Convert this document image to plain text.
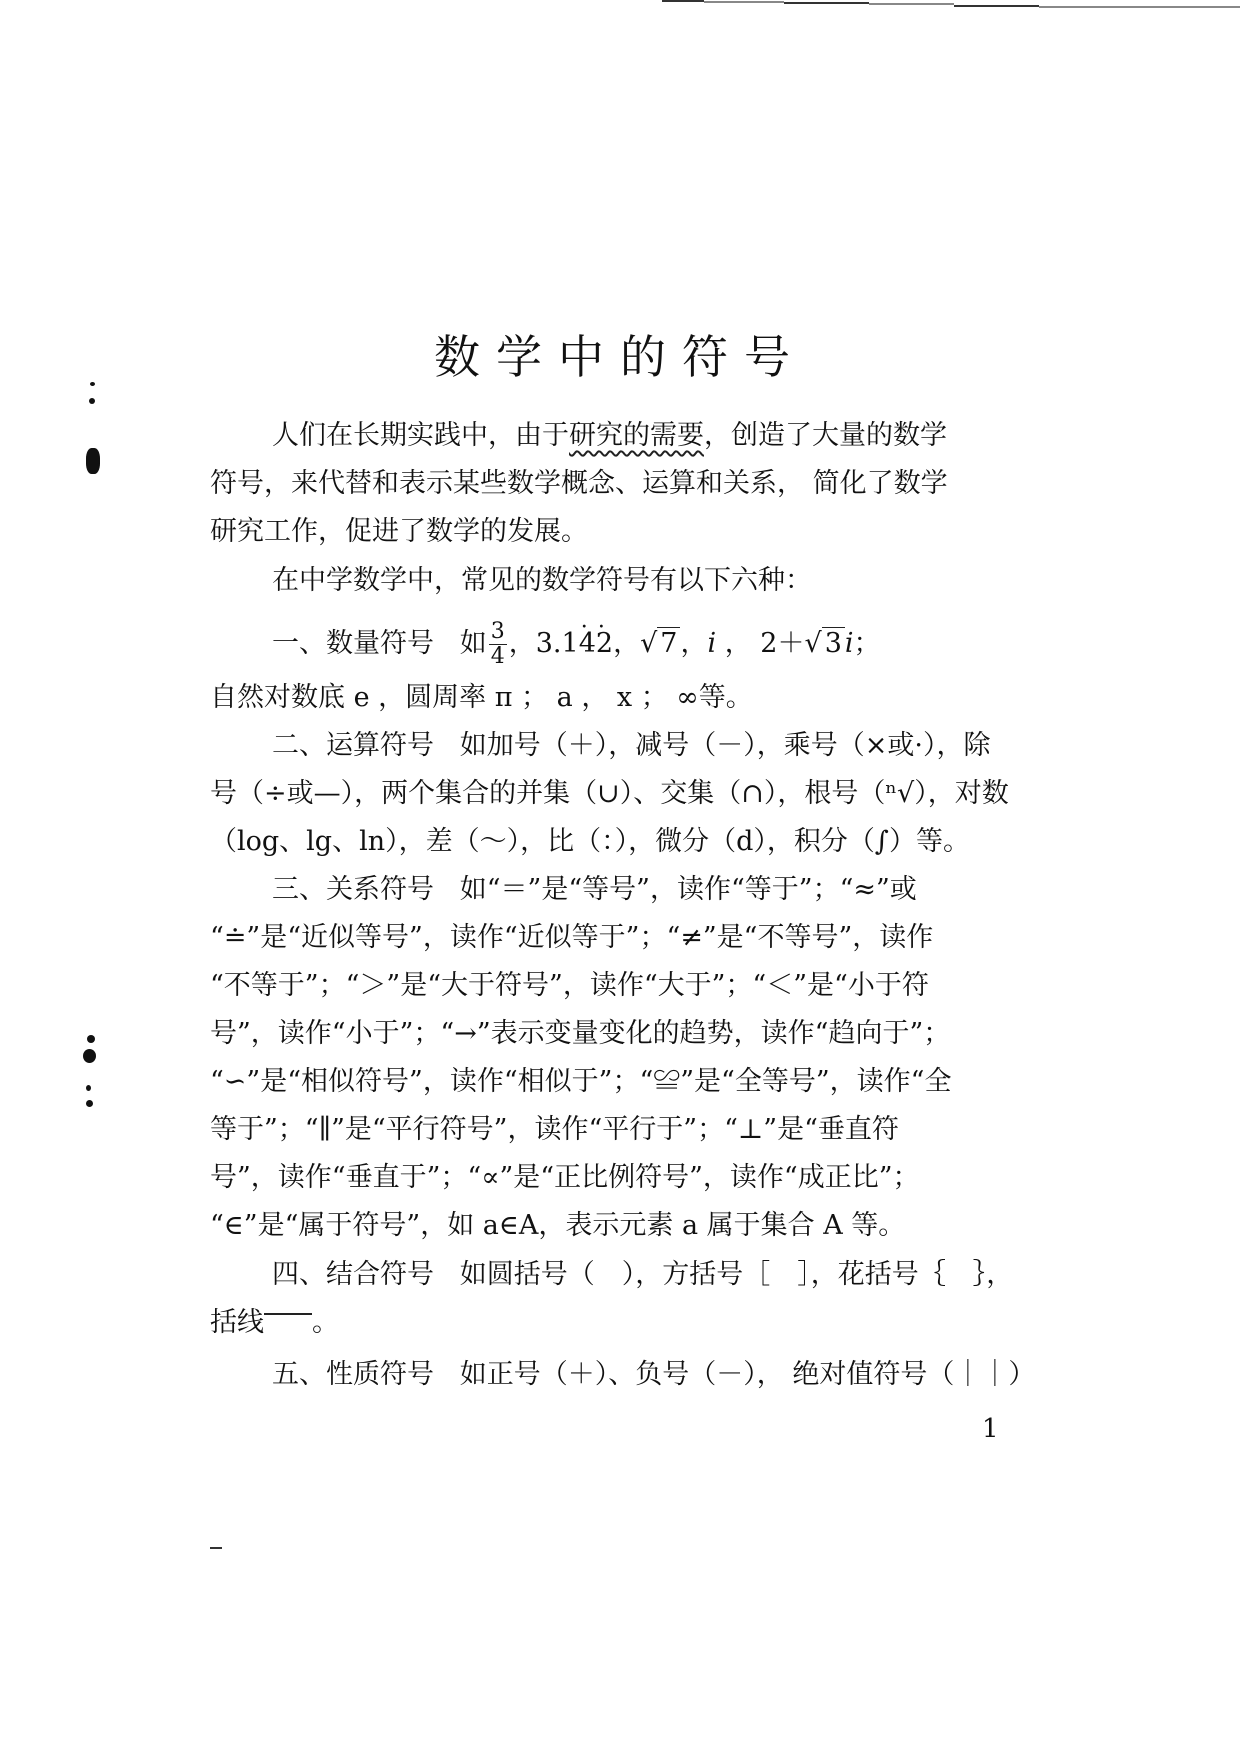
数学中的符号
人们在长期实践中，由于研究的需要，创造了大量的数学
符号，来代替和表示某些数学概念、运算和关系， 简化了数学
研究工作，促进了数学的发展。
在中学数学中，常见的数学符号有以下六种：
一、数量符号 如 $\frac{3}{4}$ ，3.1· 4· 2，√ 7 ，i ， 2＋√ 3 i；
自然对数底 e ，圆周率 π ； a ， x ； ∞等。
二、运算符号 如加号（＋），减号（－），乘号（×或·），除
号（÷或—），两个集合的并集（∪）、交集（∩），根号（ⁿ√），对数
（log、lg、ln），差（～），比（：），微分（d），积分（∫）等。
三、关系符号 如“＝”是“等号”，读作“等于”；“≈”或
“≐”是“近似等号”，读作“近似等于”；“≠”是“不等号”，读作
“不等于”；“＞”是“大于符号”，读作“大于”；“＜”是“小于符
号”，读作“小于”；“→”表示变量变化的趋势，读作“趋向于”；
“∽”是“相似符号”，读作“相似于”；“≌”是“全等号”，读作“全
等于”；“∥”是“平行符号”，读作“平行于”；“⊥”是“垂直符
号”，读作“垂直于”；“∝”是“正比例符号”，读作“成正比”；
“∈”是“属于符号”，如 a∈A，表示元素 a 属于集合 A 等。
四、结合符号 如圆括号（　），方括号［　］，花括号｛　｝，
括线 。
五、性质符号 如正号（＋）、负号（－）， 绝对值符号（｜｜）
1
